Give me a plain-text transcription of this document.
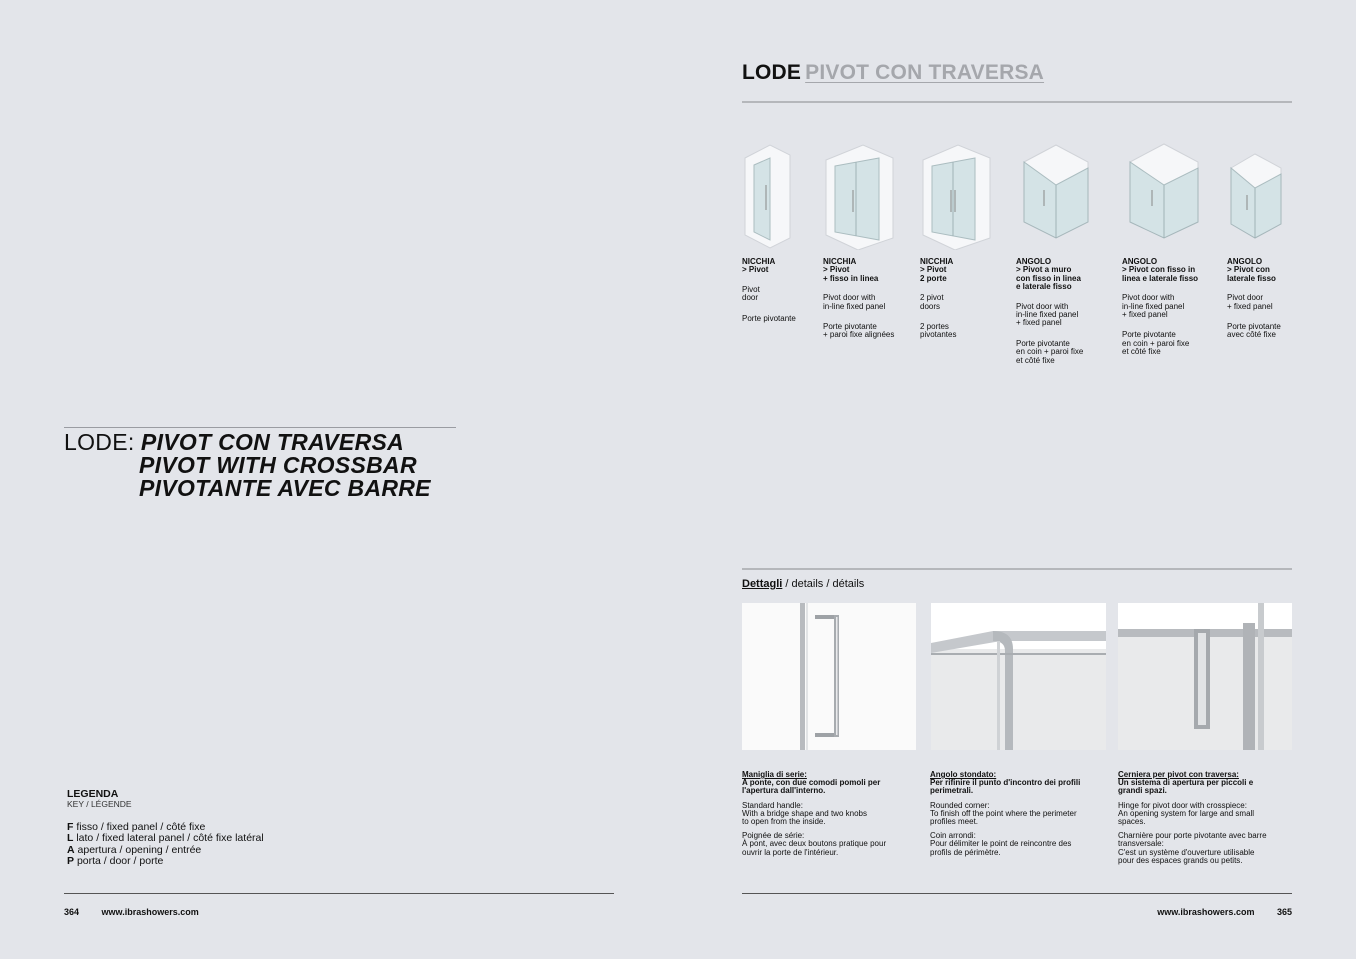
LODE: PIVOT CON TRAVERSA
PIVOT WITH CROSSBAR
PIVOTANTE AVEC BARRE
LEGENDA
KEY / LÉGENDE
F fisso / fixed panel / côté fixe
L lato / fixed lateral panel / côté fixe latéral
A apertura / opening / entrée
P porta / door / porte
364	www.ibrashowers.com
LODE PIVOT CON TRAVERSA
NICCHIA

> Pivot

Pivot
door

Porte pivotante

NICCHIA

> Pivot
+ fisso in linea

Pivot door with
in-line fixed panel

Porte pivotante
+ paroi fixe alignées

NICCHIA

> Pivot
2 porte

2 pivot
doors

2 portes
pivotantes

ANGOLO

> Pivot a muro
con fisso in linea
e laterale fisso

Pivot door with
in-line fixed panel
+ fixed panel

Porte pivotante
en coin + paroi fixe
et côté fixe

ANGOLO

> Pivot con fisso in
linea e laterale fisso

Pivot door with
in-line fixed panel
+ fixed panel

Porte pivotante
en coin + paroi fixe
et côté fixe

ANGOLO

> Pivot con
laterale fisso

Pivot door
+ fixed panel

Porte pivotante
avec côté fixe

Dettagli / details / détails
Maniglia di serie:

A ponte, con due comodi pomoli per
l'apertura dall'interno.

Standard handle:
With a bridge shape and two knobs
to open from the inside.

Poignée de série:
À pont, avec deux boutons pratique pour
ouvrir la porte de l'intérieur.

Angolo stondato:

Per rifinire il punto d'incontro dei profili
perimetrali.

Rounded corner:
To finish off the point where the perimeter
profiles meet.

Coin arrondi:
Pour délimiter le point de reincontre des
profils de périmètre.

Cerniera per pivot con traversa:

Un sistema di apertura per piccoli e
grandi spazi.

Hinge for pivot door with crosspiece:
An opening system for large and small
spaces.

Charnière pour porte pivotante avec barre
transversale:
C'est un système d'ouverture utilisable
pour des espaces grands ou petits.

www.ibrashowers.com	365
